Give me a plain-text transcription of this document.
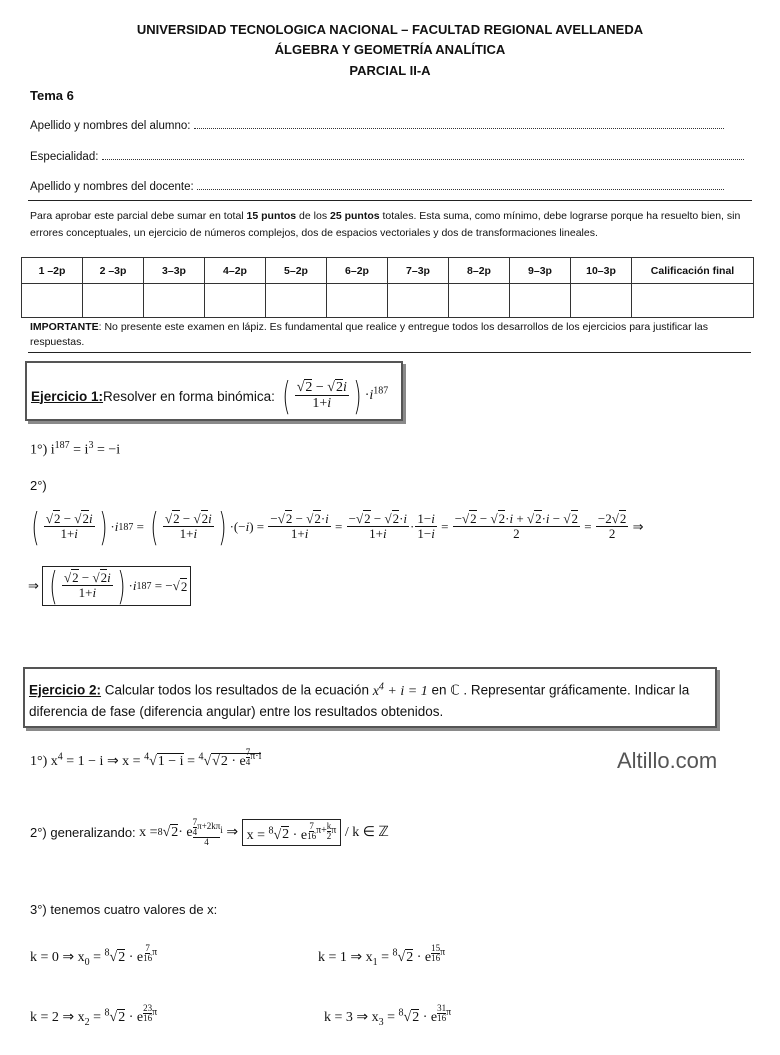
UNIVERSIDAD TECNOLOGICA NACIONAL – FACULTAD REGIONAL AVELLANEDA
ÁLGEBRA Y GEOMETRÍA ANALÍTICA
PARCIAL II-A
Tema 6
Apellido y nombres del alumno:
Especialidad:
Apellido y nombres del docente:
Para aprobar este parcial debe sumar en total 15 puntos de los 25 puntos totales. Esta suma, como mínimo, debe lograrse porque ha resuelto bien, sin errores conceptuales, un ejercicio de números complejos, dos de espacios vectoriales y dos de transformaciones lineales.
1 –2p	2 –3p	3–3p	4–2p	5–2p	6–2p	7–3p	8–2p	9–3p	10–3p	Calificación final

IMPORTANTE: No presente este examen en lápiz. Es fundamental que realice y entregue todos los desarrollos de los ejercicios para justificar las respuestas.
Ejercicio 1: Resolver en forma binómica: ( $\frac{√2 - √2i}{1+i}$ ) $\cdot i^{187}$
1°) $i^{187} = i^3 = -i$
2°)
( $\frac{√2 - √2i}{1+i}$ ) · i 187 = ( $\frac{√2 - √2i}{1+i}$ ) ·(− i ) = $\frac{-√2 - √2\cdot i}{1+i} = \frac{-√2 - √2\cdot i}{1+i} \cdot \frac{1-i}{1-i} = \frac{-√2 - √2\cdot i + √2\cdot i - √2}{2} = \frac{-2√2}{2}$ ⇒
⇒ ( $\frac{√2 - √2i}{1+i}$ ) · i 187 = −√ 2
Ejercicio 2: Calcular todos los resultados de la ecuación $x^4 + i = 1$ en ℂ . Representar gráficamente. Indicar la diferencia de fase (diferencia angular) entre los resultados obtenidos.
1°) $x^4 = 1 - i$ ⇒ x = $^4$√1 − i = $^4$√√2 · e $^{\frac{7}{4} \pi\cdot i}$	Altillo.com
2°) generalizando: x = 8 √ 2 · e $\frac{\frac{7}{4} \pi+2k\pi}{4}$ i ⇒ x = $^8$√2 · e $^{\frac{7}{16} \pi+ \frac{k}{2} \pi}$ / k ∈ ℤ
3°) tenemos cuatro valores de x:
k = 0 ⇒ $x_0 = ^8√2 \cdot e$ $^{\frac{7}{16} \pi}$	k = 1 ⇒ $x_1 = ^8√2 \cdot e$ $^{\frac{15}{16} \pi}$
k = 2 ⇒ $x_2 = ^8√2 \cdot e$ $^{\frac{23}{16} \pi}$	k = 3 ⇒ $x_3 = ^8√2 \cdot e$ $^{\frac{31}{16} \pi}$
